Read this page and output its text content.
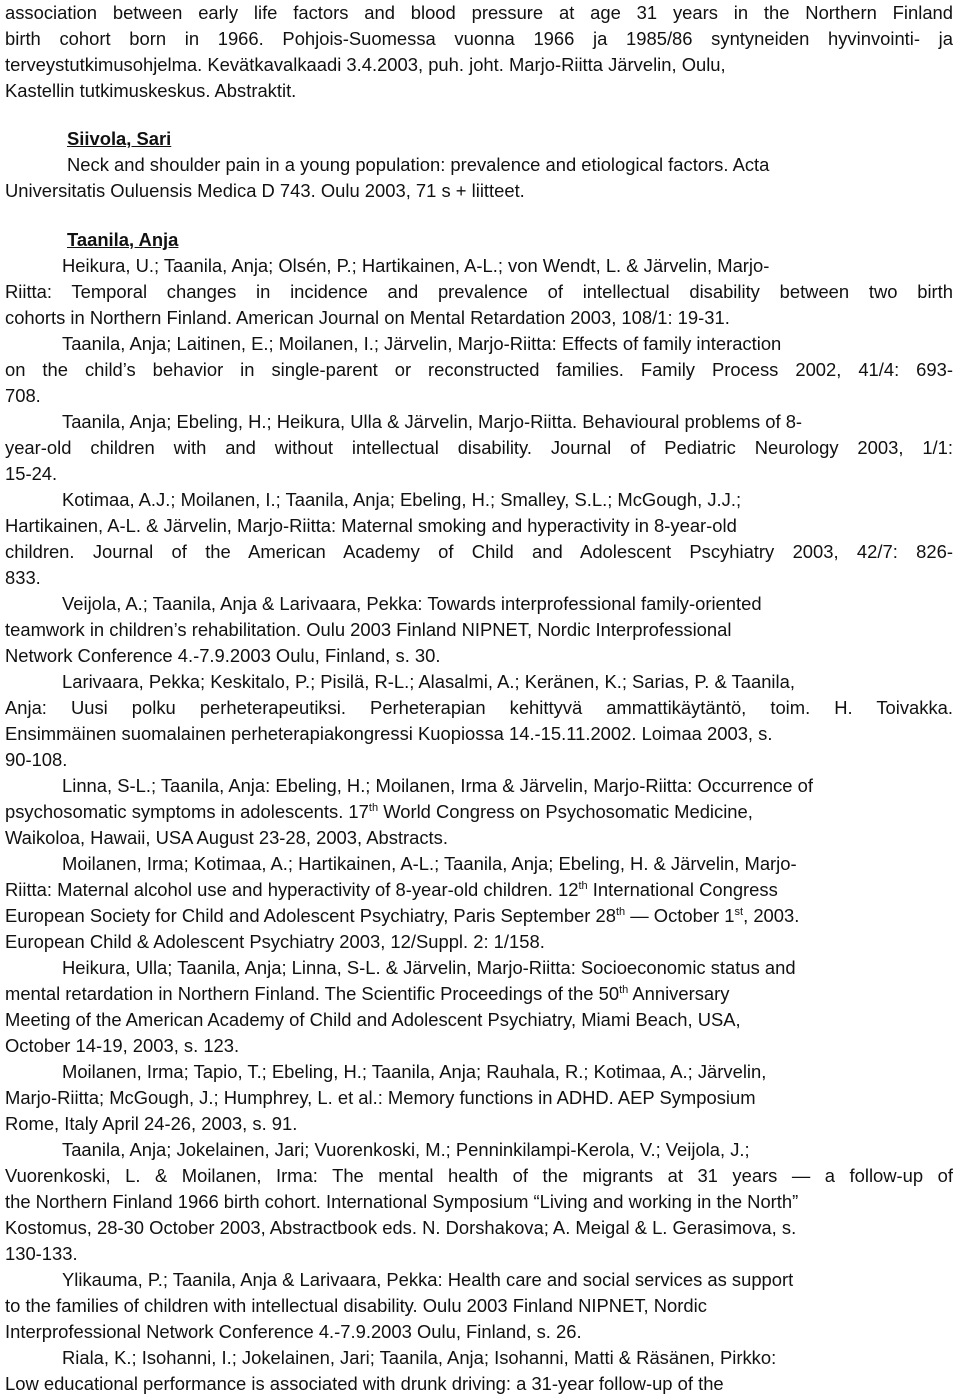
association between early life factors and blood pressure at age 31 years in the Northern Finland
birth cohort born in 1966. Pohjois-Suomessa vuonna 1966 ja 1985/86 syntyneiden hyvinvointi- ja
terveystutkimusohjelma. Kevätkavalkaadi 3.4.2003, puh. joht. Marjo-Riitta Järvelin, Oulu,
Kastellin tutkimuskeskus. Abstraktit.
Siivola, Sari
Neck and shoulder pain in a young population: prevalence and etiological factors. Acta
Universitatis Ouluensis Medica D 743. Oulu 2003, 71 s + liitteet.
Taanila, Anja
Heikura, U.; Taanila, Anja; Olsén, P.; Hartikainen, A-L.; von Wendt, L. & Järvelin, Marjo-
Riitta: Temporal changes in incidence and prevalence of intellectual disability between two birth
cohorts in Northern Finland. American Journal on Mental Retardation 2003, 108/1: 19-31.
Taanila, Anja; Laitinen, E.; Moilanen, I.; Järvelin, Marjo-Riitta: Effects of family interaction
on the child’s behavior in single-parent or reconstructed families. Family Process 2002, 41/4: 693-
708.
Taanila, Anja; Ebeling, H.; Heikura, Ulla & Järvelin, Marjo-Riitta. Behavioural problems of 8-
year-old children with and without intellectual disability. Journal of Pediatric Neurology 2003, 1/1:
15-24.
Kotimaa, A.J.; Moilanen, I.; Taanila, Anja; Ebeling, H.; Smalley, S.L.; McGough, J.J.;
Hartikainen, A-L. & Järvelin, Marjo-Riitta: Maternal smoking and hyperactivity in 8-year-old
children. Journal of the American Academy of Child and Adolescent Pscyhiatry 2003, 42/7: 826-
833.
Veijola, A.; Taanila, Anja & Larivaara, Pekka: Towards interprofessional family-oriented
teamwork in children’s rehabilitation. Oulu 2003 Finland NIPNET, Nordic Interprofessional
Network Conference 4.-7.9.2003 Oulu, Finland, s. 30.
Larivaara, Pekka; Keskitalo, P.; Pisilä, R-L.; Alasalmi, A.; Keränen, K.; Sarias, P. & Taanila,
Anja: Uusi polku perheterapeutiksi. Perheterapian kehittyvä ammattikäytäntö, toim. H. Toivakka.
Ensimmäinen suomalainen perheterapiakongressi Kuopiossa 14.-15.11.2002. Loimaa 2003, s.
90-108.
Linna, S-L.; Taanila, Anja: Ebeling, H.; Moilanen, Irma & Järvelin, Marjo-Riitta: Occurrence of
psychosomatic symptoms in adolescents. 17th World Congress on Psychosomatic Medicine,
Waikoloa, Hawaii, USA August 23-28, 2003, Abstracts.
Moilanen, Irma; Kotimaa, A.; Hartikainen, A-L.; Taanila, Anja; Ebeling, H. & Järvelin, Marjo-
Riitta: Maternal alcohol use and hyperactivity of 8-year-old children. 12th International Congress
European Society for Child and Adolescent Psychiatry, Paris September 28th — October 1st, 2003.
European Child & Adolescent Psychiatry 2003, 12/Suppl. 2: 1/158.
Heikura, Ulla; Taanila, Anja; Linna, S-L. & Järvelin, Marjo-Riitta: Socioeconomic status and
mental retardation in Northern Finland. The Scientific Proceedings of the 50th Anniversary
Meeting of the American Academy of Child and Adolescent Psychiatry, Miami Beach, USA,
October 14-19, 2003, s. 123.
Moilanen, Irma; Tapio, T.; Ebeling, H.; Taanila, Anja; Rauhala, R.; Kotimaa, A.; Järvelin,
Marjo-Riitta; McGough, J.; Humphrey, L. et al.: Memory functions in ADHD. AEP Symposium
Rome, Italy April 24-26, 2003, s. 91.
Taanila, Anja; Jokelainen, Jari; Vuorenkoski, M.; Penninkilampi-Kerola, V.; Veijola, J.;
Vuorenkoski, L. & Moilanen, Irma: The mental health of the migrants at 31 years — a follow-up of
the Northern Finland 1966 birth cohort. International Symposium “Living and working in the North”
Kostomus, 28-30 October 2003, Abstractbook eds. N. Dorshakova; A. Meigal & L. Gerasimova, s.
130-133.
Ylikauma, P.; Taanila, Anja & Larivaara, Pekka: Health care and social services as support
to the families of children with intellectual disability. Oulu 2003 Finland NIPNET, Nordic
Interprofessional Network Conference 4.-7.9.2003 Oulu, Finland, s. 26.
Riala, K.; Isohanni, I.; Jokelainen, Jari; Taanila, Anja; Isohanni, Matti & Räsänen, Pirkko:
Low educational performance is associated with drunk driving: a 31-year follow-up of the
